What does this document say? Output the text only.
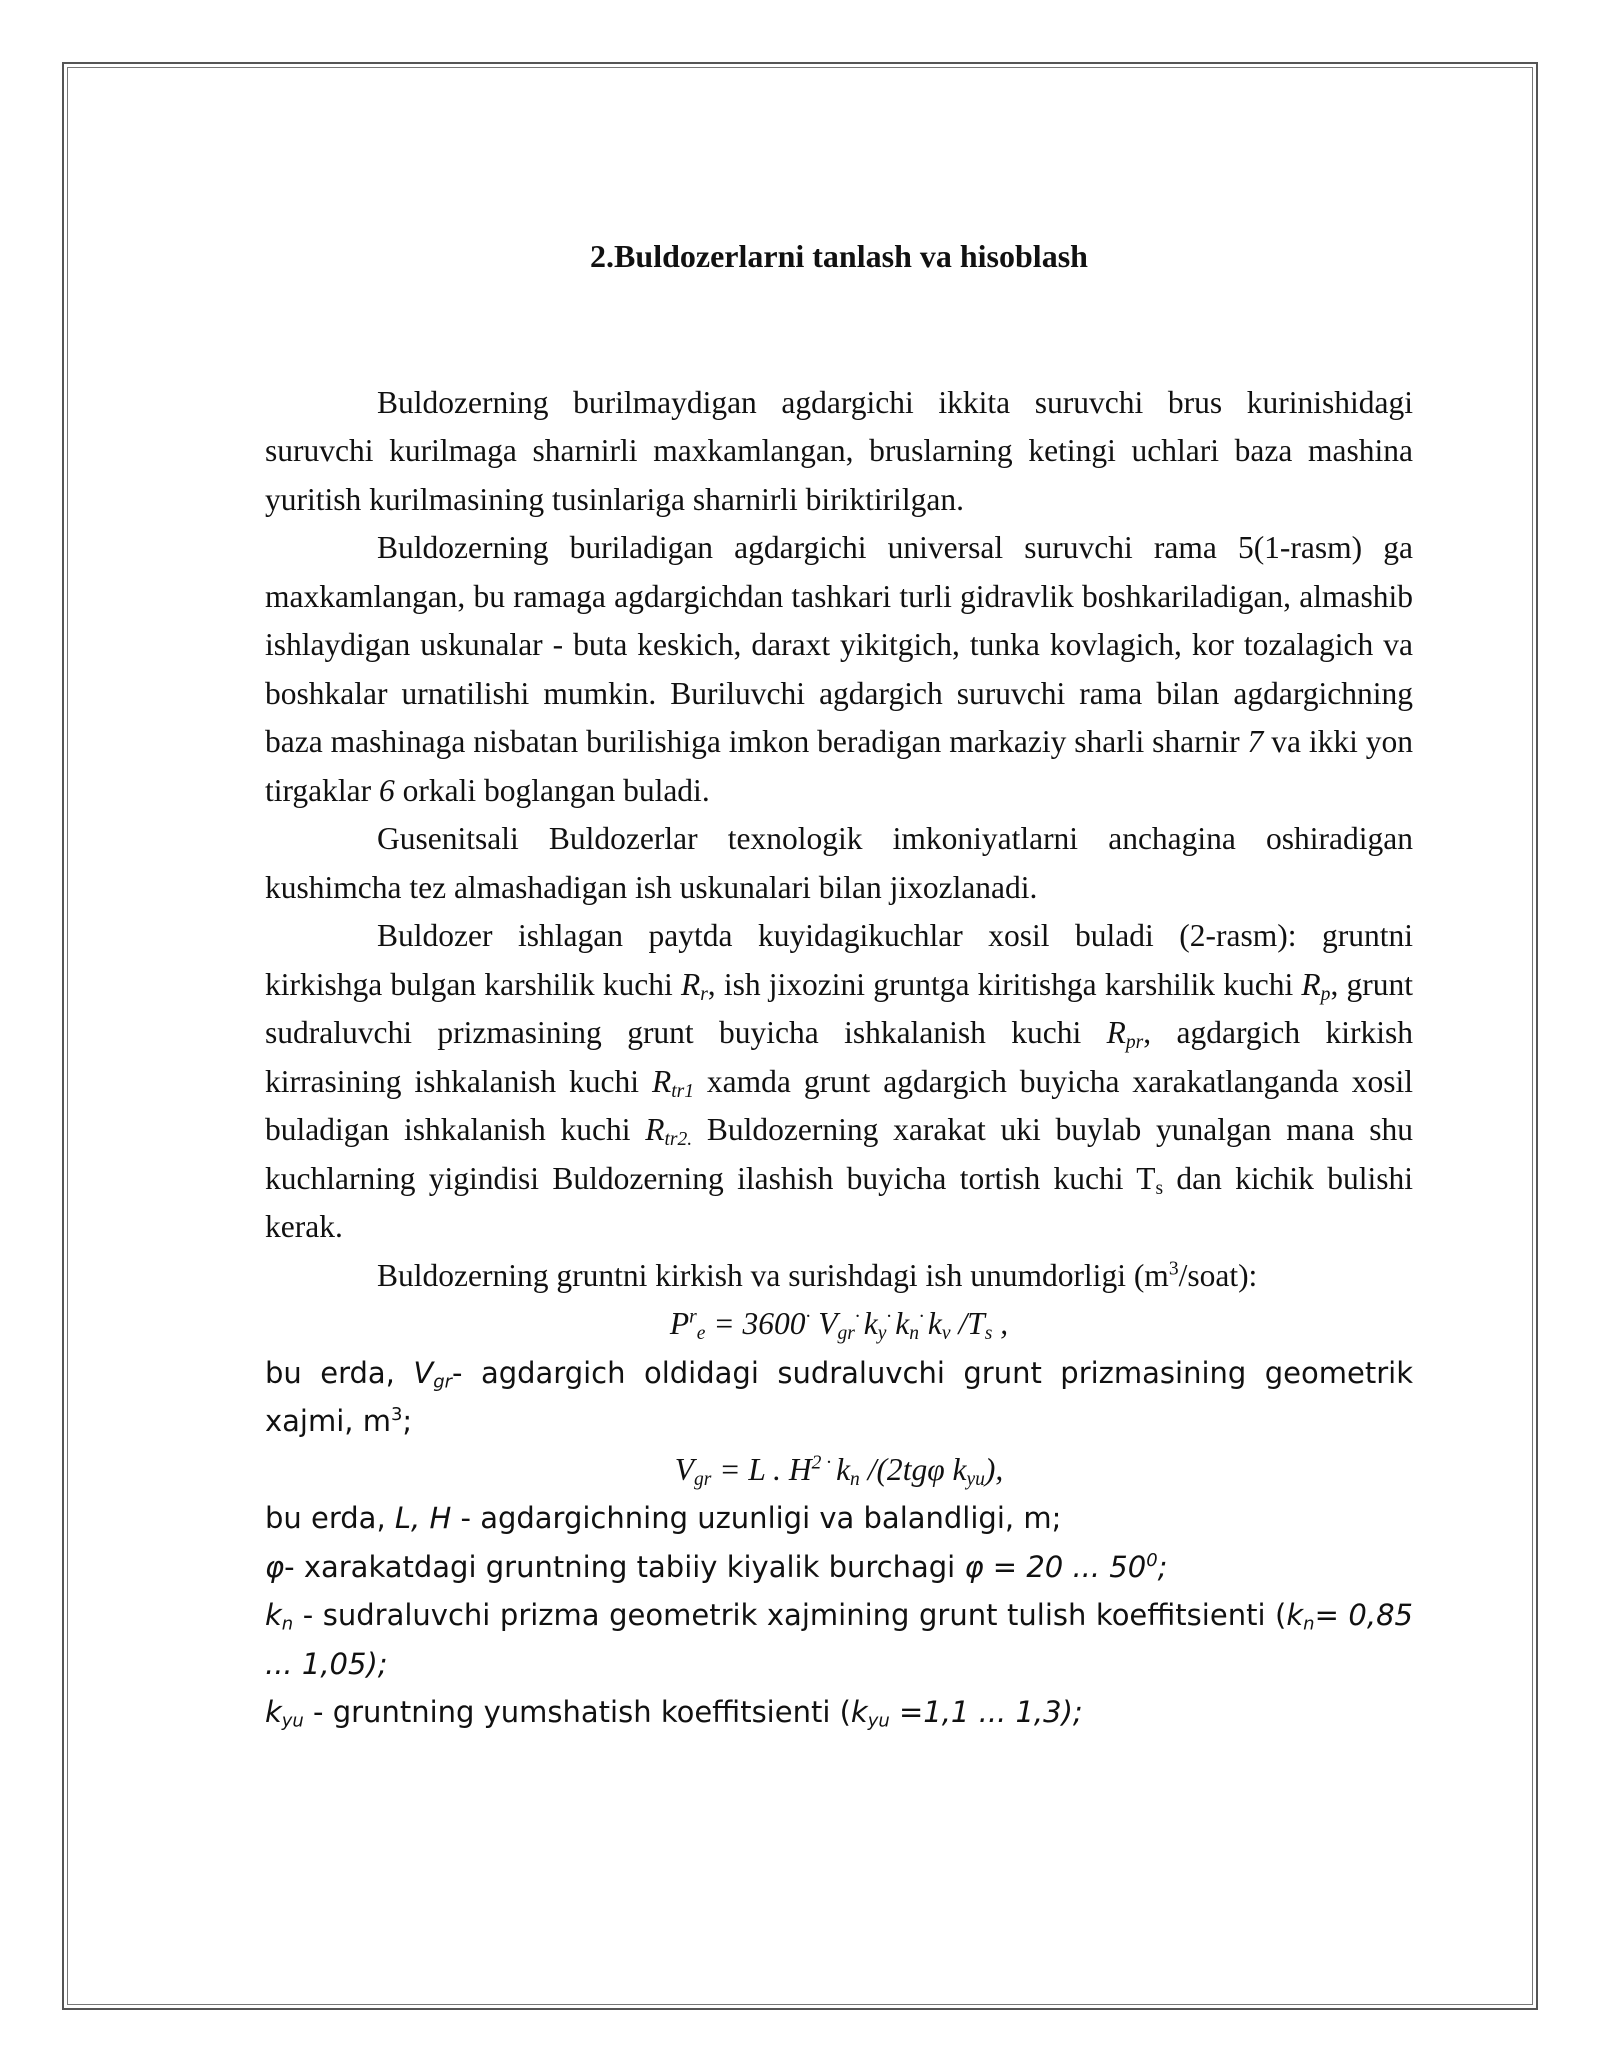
2.Buldozerlarni tanlash va hisoblash

Buldozerning burilmaydigan agdargichi ikkita suruvchi brus kurinishidagi suruvchi kurilmaga sharnirli maxkamlangan, bruslarning ketingi uchlari baza mashina yuritish kurilmasining tusinlariga sharnirli biriktirilgan.

Buldozerning buriladigan agdargichi universal suruvchi rama 5(1-rasm) ga maxkamlangan, bu ramaga agdargichdan tashkari turli gidravlik boshkariladigan, almashib ishlaydigan uskunalar - buta keskich, daraxt yikitgich, tunka kovlagich, kor tozalagich va boshkalar urnatilishi mumkin. Buriluvchi agdargich suruvchi rama bilan agdargichning baza mashinaga nisbatan burilishiga imkon beradigan markaziy sharli sharnir 7 va ikki yon tirgaklar 6 orkali boglangan buladi.

Gusenitsali Buldozerlar texnologik imkoniyatlarni anchagina oshiradigan kushimcha tez almashadigan ish uskunalari bilan jixozlanadi.

Buldozer ishlagan paytda kuyidagikuchlar xosil buladi (2-rasm): gruntni kirkishga bulgan karshilik kuchi $R_r$, ish jixozini gruntga kiritishga karshilik kuchi $R_p$, grunt sudraluvchi prizmasining grunt buyicha ishkalanish kuchi $R_{pr}$, agdargich kirkish kirrasining ishkalanish kuchi $R_{tr1}$ xamda grunt agdargich buyicha xarakatlanganda xosil buladigan ishkalanish kuchi $R_{tr2.}$ Buldozerning xarakat uki buylab yunalgan mana shu kuchlarning yigindisi Buldozerning ilashish buyicha tortish kuchi $T_s$ dan kichik bulishi kerak.

Buldozerning gruntni kirkish va surishdagi ish unumdorligi $(m^3/soat)$:

$P^r_e = 3600^\cdot$ $V_{gr}^\cdot$ $k_y^\cdot$ $k_n^\cdot$ $k_v$ $/T_s$ ,

bu erda, $V_{gr}-$ agdargich oldidagi sudraluvchi grunt prizmasining geometrik xajmi, $m^3$;

$V_{gr} = L$ . $H^2$ · $k_n$ /(2tgφ $k_{yu}$),

bu erda, L, H - agdargichning uzunligi va balandligi, m;

φ- xarakatdagi gruntning tabiiy kiyalik burchagi φ = 20 ... $50^0$;

$k_n$ - sudraluvchi prizma geometrik xajmining grunt tulish koeffitsienti ($k_n= 0,85$ ... 1,05);

$k_{yu}$ - gruntning yumshatish koeffitsienti ($k_{yu} =1,1$ ... 1,3);
